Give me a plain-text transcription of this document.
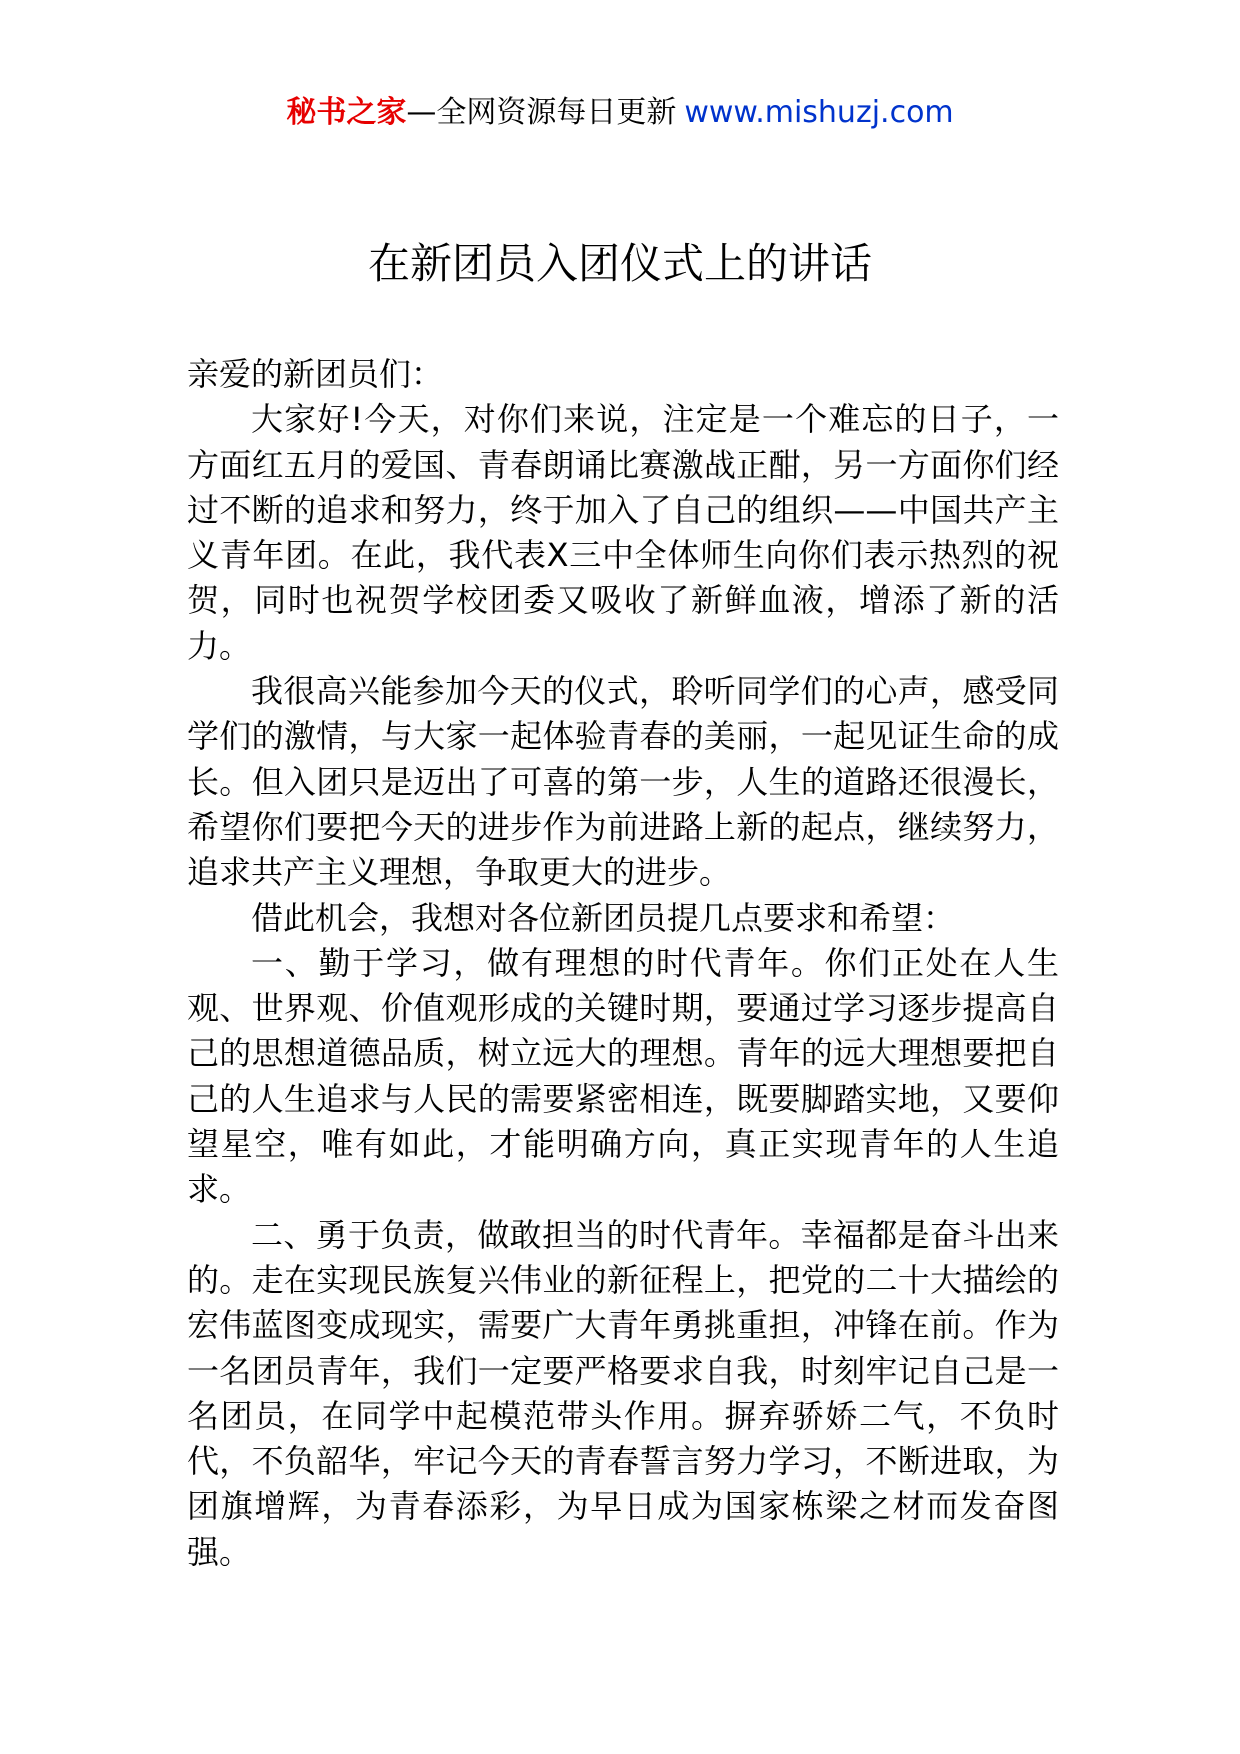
秘书之家—全网资源每日更新 www.mishuzj.com
在新团员入团仪式上的讲话

亲爱的新团员们：

大家好!今天，对你们来说，注定是一个难忘的日子，一方面红五月的爱国、青春朗诵比赛激战正酣，另一方面你们经过不断的追求和努力，终于加入了自己的组织——中国共产主义青年团。在此，我代表X三中全体师生向你们表示热烈的祝贺，同时也祝贺学校团委又吸收了新鲜血液，增添了新的活力。

我很高兴能参加今天的仪式，聆听同学们的心声，感受同学们的激情，与大家一起体验青春的美丽，一起见证生命的成长。但入团只是迈出了可喜的第一步，人生的道路还很漫长，希望你们要把今天的进步作为前进路上新的起点，继续努力，追求共产主义理想，争取更大的进步。

借此机会，我想对各位新团员提几点要求和希望：

一、勤于学习，做有理想的时代青年。你们正处在人生观、世界观、价值观形成的关键时期，要通过学习逐步提高自己的思想道德品质，树立远大的理想。青年的远大理想要把自己的人生追求与人民的需要紧密相连，既要脚踏实地，又要仰望星空，唯有如此，才能明确方向，真正实现青年的人生追求。

二、勇于负责，做敢担当的时代青年。幸福都是奋斗出来的。走在实现民族复兴伟业的新征程上，把党的二十大描绘的宏伟蓝图变成现实，需要广大青年勇挑重担，冲锋在前。作为一名团员青年，我们一定要严格要求自我，时刻牢记自己是一名团员，在同学中起模范带头作用。摒弃骄娇二气，不负时代，不负韶华，牢记今天的青春誓言努力学习，不断进取，为团旗增辉，为青春添彩，为早日成为国家栋梁之材而发奋图强。
